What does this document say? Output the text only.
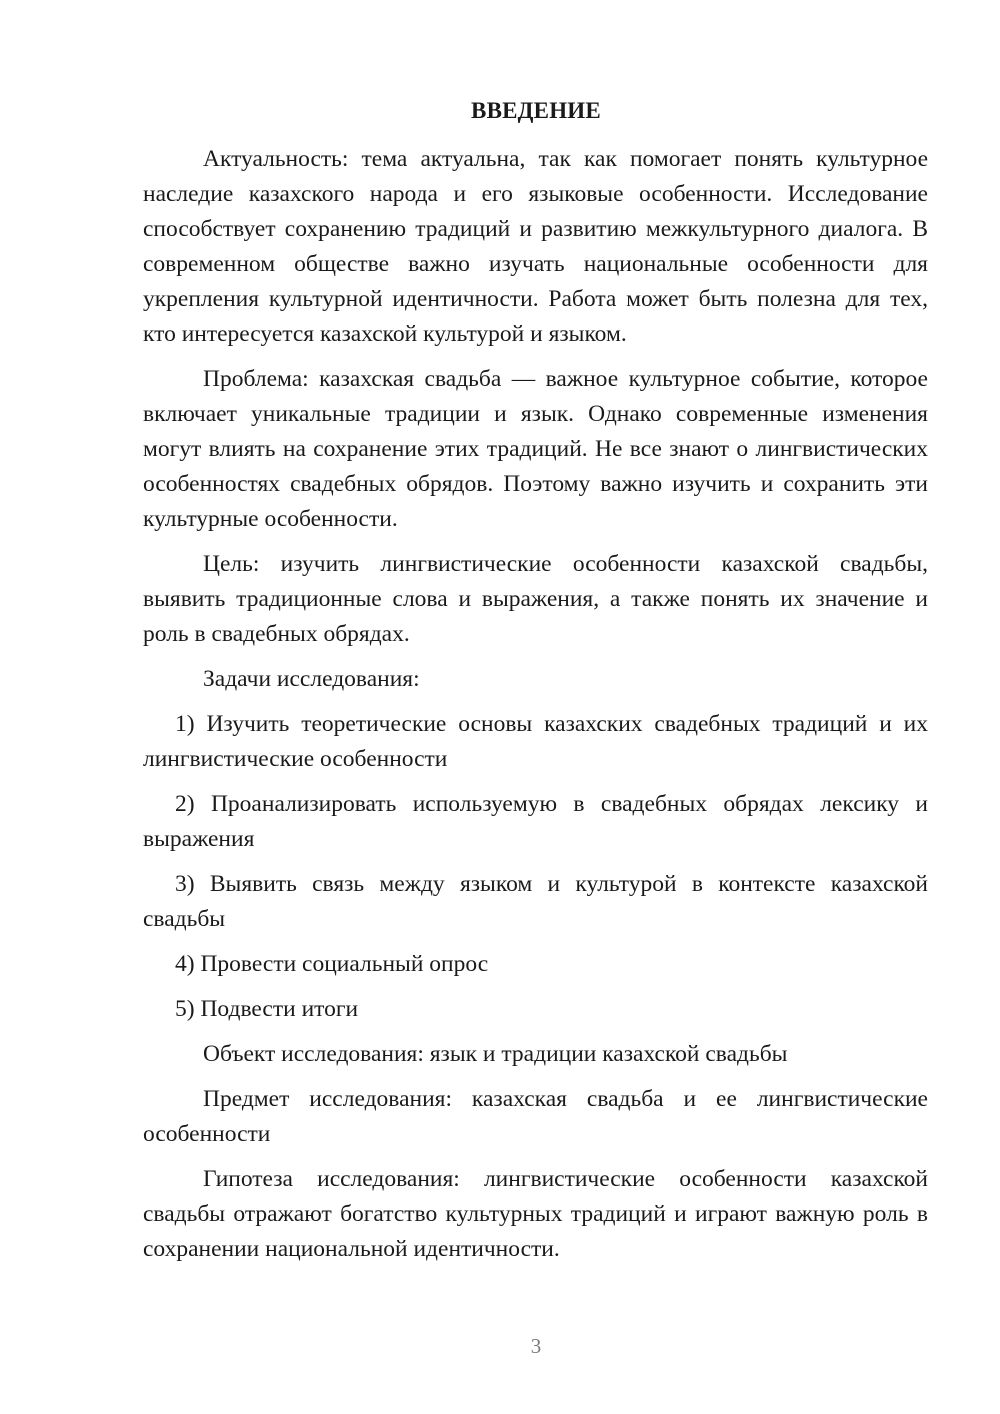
ВВЕДЕНИЕ

Актуальность: тема актуальна, так как помогает понять культурное наследие казахского народа и его языковые особенности. Исследование способствует сохранению традиций и развитию межкультурного диалога. В современном обществе важно изучать национальные особенности для укрепления культурной идентичности. Работа может быть полезна для тех, кто интересуется казахской культурой и языком.

Проблема: казахская свадьба — важное культурное событие, которое включает уникальные традиции и язык. Однако современные изменения могут влиять на сохранение этих традиций. Не все знают о лингвистических особенностях свадебных обрядов. Поэтому важно изучить и сохранить эти культурные особенности.

Цель: изучить лингвистические особенности казахской свадьбы, выявить традиционные слова и выражения, а также понять их значение и роль в свадебных обрядах.

Задачи исследования:

1) Изучить теоретические основы казахских свадебных традиций и их лингвистические особенности

2) Проанализировать используемую в свадебных обрядах лексику и выражения

3) Выявить связь между языком и культурой в контексте казахской свадьбы

4) Провести социальный опрос

5) Подвести итоги

Объект исследования: язык и традиции казахской свадьбы

Предмет исследования: казахская свадьба и ее лингвистические особенности

Гипотеза исследования: лингвистические особенности казахской свадьбы отражают богатство культурных традиций и играют важную роль в сохранении национальной идентичности.

3
